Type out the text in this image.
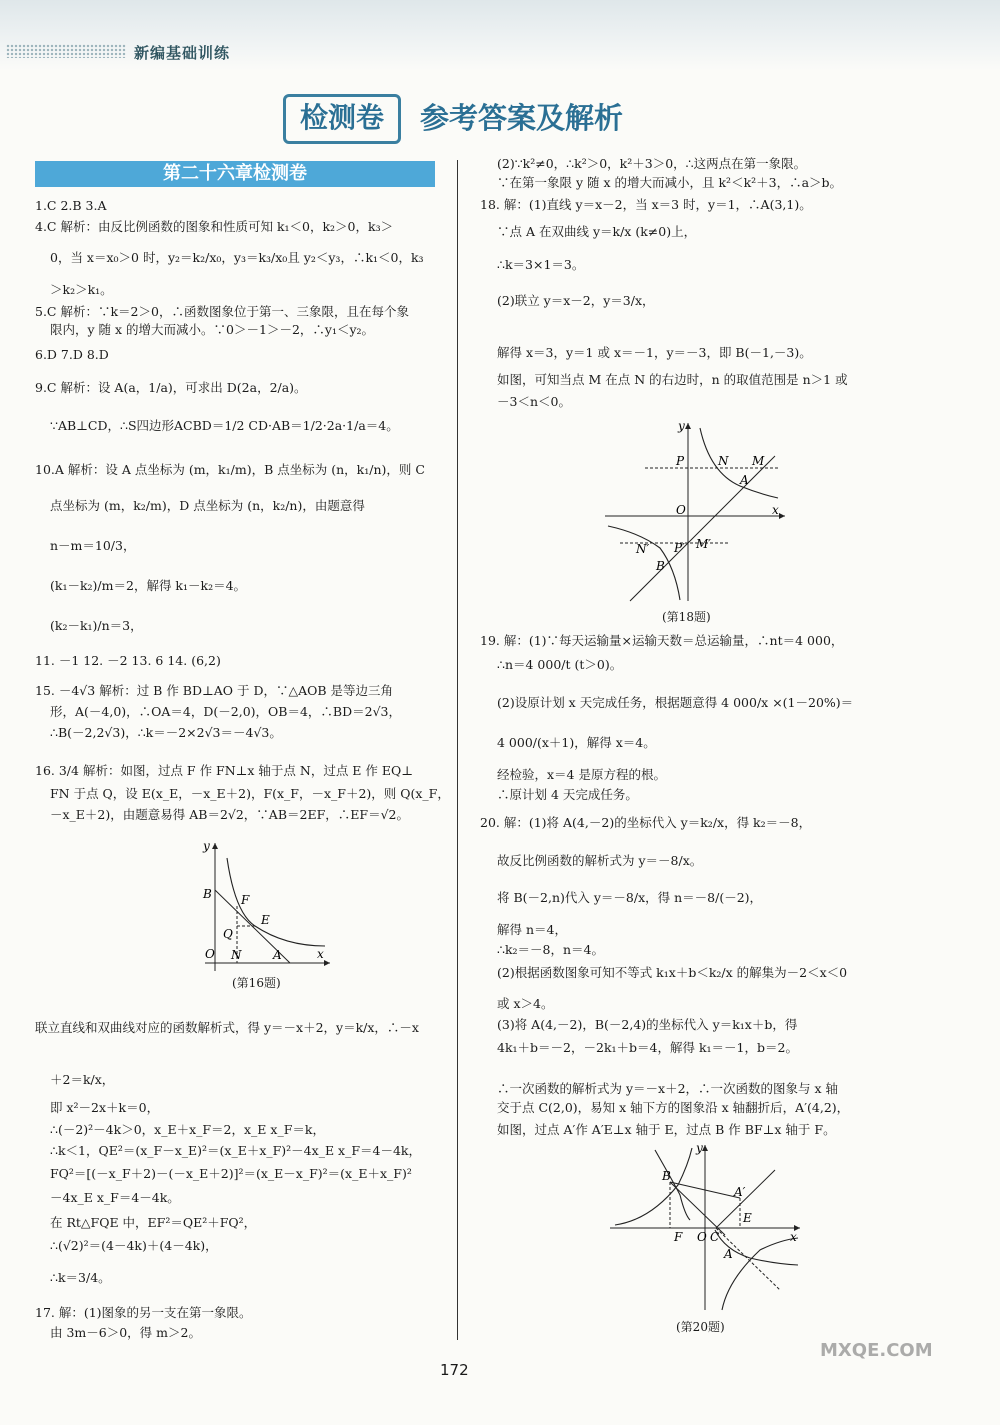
新编基础训练
检测卷	参考答案及解析
第二十六章检测卷
1.C 2.B 3.A
4.C 解析：由反比例函数的图象和性质可知 k₁＜0，k₂＞0，k₃＞
0，当 x＝x₀＞0 时，y₂＝k₂/x₀，y₃＝k₃/x₀且 y₂＜y₃，∴k₁＜0，k₃
＞k₂＞k₁。
5.C 解析：∵k＝2＞0，∴函数图象位于第一、三象限，且在每个象
限内，y 随 x 的增大而减小。∵0＞－1＞－2，∴y₁＜y₂。
6.D 7.D 8.D
9.C 解析：设 A(a，1/a)，可求出 D(2a，2/a)。
∵AB⊥CD，∴S四边形ACBD＝1/2 CD·AB＝1/2·2a·1/a＝4。
10.A 解析：设 A 点坐标为 (m，k₁/m)，B 点坐标为 (n，k₁/n)，则 C
点坐标为 (m，k₂/m)，D 点坐标为 (n，k₂/n)，由题意得
n－m＝10/3，
(k₁－k₂)/m＝2，解得 k₁－k₂＝4。
(k₂－k₁)/n＝3，
11. －1 12. －2 13. 6 14. (6,2)
15. －4√3 解析：过 B 作 BD⊥AO 于 D，∵△AOB 是等边三角
形，A(－4,0)，∴OA＝4，D(－2,0)，OB＝4，∴BD＝2√3，
∴B(－2,2√3)，∴k＝－2×2√3＝－4√3。
16. 3/4 解析：如图，过点 F 作 FN⊥x 轴于点 N，过点 E 作 EQ⊥
FN 于点 Q，设 E(x_E，－x_E＋2)，F(x_F，－x_F＋2)，则 Q(x_F，
－x_E＋2)，由题意易得 AB＝2√2，∵AB＝2EF，∴EF＝√2。
联立直线和双曲线对应的函数解析式，得 y＝－x＋2，y＝k/x，∴－x
＋2＝k/x，
即 x²－2x＋k＝0，
∴(－2)²－4k＞0，x_E＋x_F＝2，x_E x_F＝k，
∴k＜1，QE²＝(x_F－x_E)²＝(x_E＋x_F)²－4x_E x_F＝4－4k，
FQ²＝[(－x_F＋2)－(－x_E＋2)]²＝(x_E－x_F)²＝(x_E＋x_F)²
－4x_E x_F＝4－4k。
在 Rt△FQE 中，EF²＝QE²＋FQ²，
∴(√2)²＝(4－4k)＋(4－4k)，
∴k＝3/4。
17. 解：(1)图象的另一支在第一象限。
由 3m－6＞0，得 m＞2。
(2)∵k²≠0，∴k²＞0，k²＋3＞0，∴这两点在第一象限。
∵在第一象限 y 随 x 的增大而减小，且 k²＜k²＋3，∴a＞b。
18. 解：(1)直线 y＝x－2，当 x＝3 时，y＝1，∴A(3,1)。
∵点 A 在双曲线 y＝k/x (k≠0)上，
∴k＝3×1＝3。
(2)联立 y＝x－2，y＝3/x，
解得 x＝3，y＝1 或 x＝－1，y＝－3，即 B(－1,－3)。
如图，可知当点 M 在点 N 的右边时，n 的取值范围是 n＞1 或
－3＜n＜0。
19. 解：(1)∵每天运输量×运输天数＝总运输量，∴nt＝4 000，
∴n＝4 000/t (t＞0)。
(2)设原计划 x 天完成任务，根据题意得 4 000/x ×(1－20%)＝
4 000/(x＋1)，解得 x＝4。
经检验，x＝4 是原方程的根。
∴原计划 4 天完成任务。
20. 解：(1)将 A(4,－2)的坐标代入 y＝k₂/x，得 k₂＝－8，
故反比例函数的解析式为 y＝－8/x。
将 B(－2,n)代入 y＝－8/x，得 n＝－8/(－2)，
解得 n＝4，
∴k₂＝－8，n＝4。
(2)根据函数图象可知不等式 k₁x＋b＜k₂/x 的解集为－2＜x＜0
或 x＞4。
(3)将 A(4,－2)，B(－2,4)的坐标代入 y＝k₁x＋b，得
4k₁＋b＝－2，－2k₁＋b＝4，解得 k₁＝－1，b＝2。
∴一次函数的解析式为 y＝－x＋2，∴一次函数的图象与 x 轴
交于点 C(2,0)，易知 x 轴下方的图象沿 x 轴翻折后，A′(4,2)，
如图，过点 A′作 A′E⊥x 轴于 E，过点 B 作 BF⊥x 轴于 F。
y
B F
Q
E
O N	A	x
(第16题)
y
P	N M
A
O	x
N′ P′ M′
B
(第18题)
y
B
A′
E
F O C
A
x
(第20题)
172
MXQE.COM
